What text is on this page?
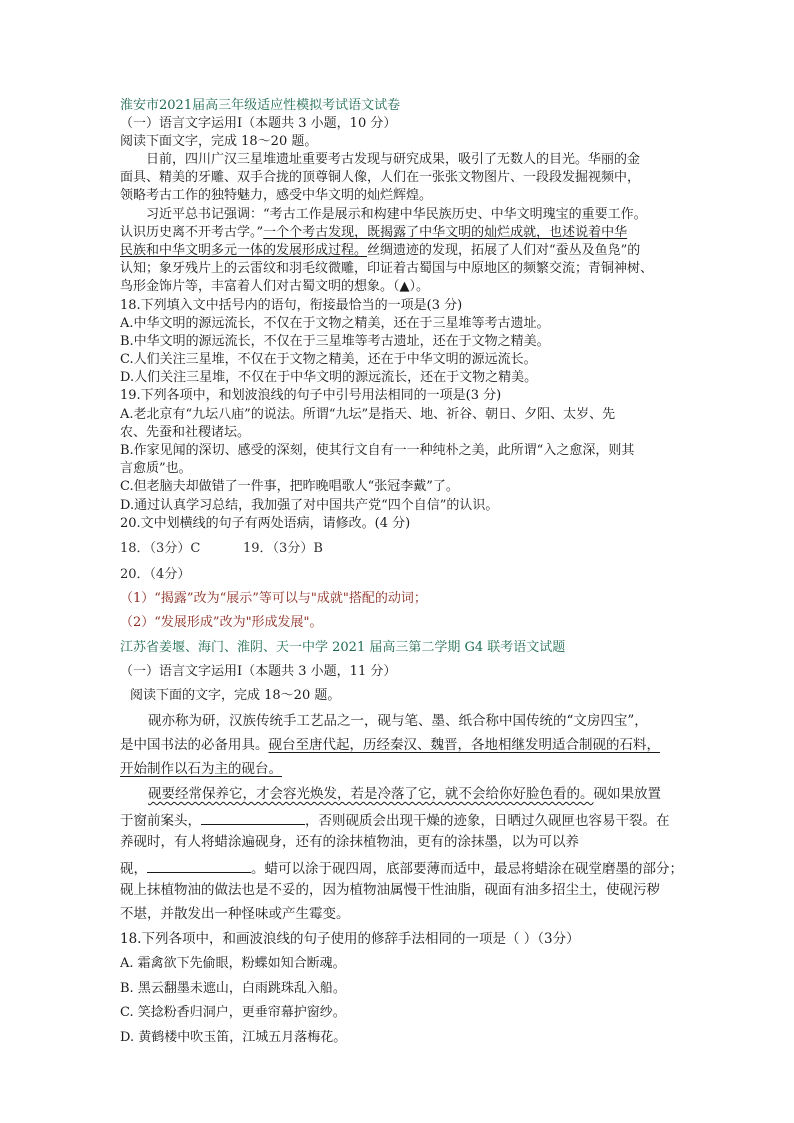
淮安市2021届高三年级适应性模拟考试语文试卷
（一）语言文字运用Ⅰ（本题共 3 小题，10 分）
阅读下面文字，完成 18～20 题。
日前，四川广汉三星堆遗址重要考古发现与研究成果，吸引了无数人的目光。华丽的金
面具、精美的牙雕、双手合拢的顶尊铜人像，人们在一张张文物图片、一段段发掘视频中，
领略考古工作的独特魅力，感受中华文明的灿烂辉煌。
习近平总书记强调：“考古工作是展示和构建中华民族历史、中华文明瑰宝的重要工作。
认识历史离不开考古学。”一个个考古发现，既揭露了中华文明的灿烂成就，也述说着中华
民族和中华文明多元一体的发展形成过程。丝绸遗迹的发现，拓展了人们对“蚕丛及鱼凫”的
认知；象牙残片上的云雷纹和羽毛纹微雕，印证着古蜀国与中原地区的频繁交流；青铜神树、
鸟形金饰片等，丰富着人们对古蜀文明的想象。（▲）。
18.下列填入文中括号内的语句，衔接最恰当的一项是(3 分)
A.中华文明的源远流长，不仅在于文物之精美，还在于三星堆等考古遗址。
B.中华文明的源远流长，不仅在于三星堆等考古遗址，还在于文物之精美。
C.人们关注三星堆，不仅在于文物之精美，还在于中华文明的源远流长。
D.人们关注三星堆，不仅在于中华文明的源远流长，还在于文物之精美。
19.下列各项中，和划波浪线的句子中引号用法相同的一项是(3 分)
A.老北京有“九坛八庙”的说法。所谓“九坛”是指天、地、祈谷、朝日、夕阳、太岁、先
农、先蚕和社稷诸坛。
B.作家见闻的深切、感受的深刻，使其行文自有一一种纯朴之美，此所谓“入之愈深，则其
言愈质”也。
C.但老脑夫却做错了一件事，把昨晚唱歌人“张冠李戴”了。
D.通过认真学习总结，我加强了对中国共产党“四个自信”的认识。
20.文中划横线的句子有两处语病，请修改。(4 分)
18．（3分）C	19．（3分）B
20．（4分）
（1）“揭露”改为“展示”等可以与"成就"搭配的动词；
（2）“发展形成”改为"形成发展"。
江苏省姜堰、海门、淮阴、天一中学 2021 届高三第二学期 G4 联考语文试题
（一）语言文字运用Ⅰ（本题共 3 小题，11 分）
阅读下面的文字，完成 18～20 题。
砚亦称为研，汉族传统手工艺品之一，砚与笔、墨、纸合称中国传统的“文房四宝”，
是中国书法的必备用具。砚台至唐代起，历经秦汉、魏晋，各地相继发明适合制砚的石料，
开始制作以石为主的砚台。
砚要经常保养它，才会容光焕发，若是冷落了它，就不会给你好脸色看的。砚如果放置
于窗前案头，	，否则砚质会出现干燥的迹象，日晒过久砚匣也容易干裂。在
养砚时，有人将蜡涂遍砚身，还有的涂抹植物油，更有的涂抹墨，以为可以养
砚，	。蜡可以涂于砚四周，底部要薄而适中，最忌将蜡涂在砚堂磨墨的部分；
砚上抹植物油的做法也是不妥的，因为植物油属慢干性油脂，砚面有油多招尘土，使砚污秽
不堪，并散发出一种怪味或产生霉变。
18.下列各项中，和画波浪线的句子使用的修辞手法相同的一项是（ ）（3分）
A. 霜禽欲下先偷眼，粉蝶如知合断魂。
B. 黑云翻墨未遮山，白雨跳珠乱入船。
C. 笑捻粉香归洞户，更垂帘幕护窗纱。
D. 黄鹤楼中吹玉笛，江城五月落梅花。
